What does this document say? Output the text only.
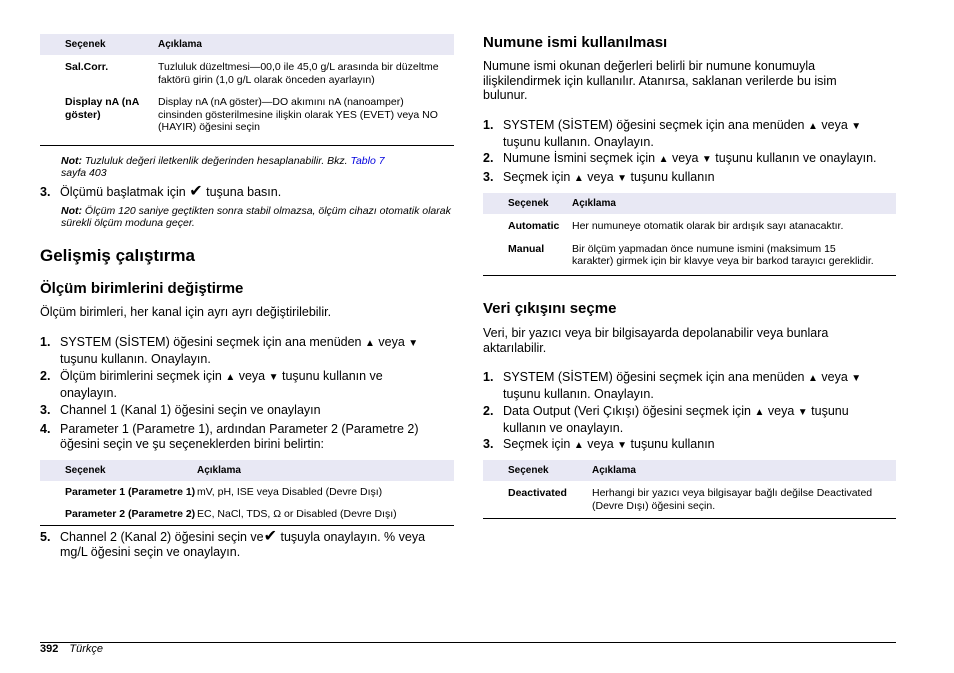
Seçenek	Açıklama
Sal.Corr.	Tuzluluk düzeltmesi—00,0 ile 45,0 g/L arasında bir düzeltme faktörü girin (1,0 g/L olarak önceden ayarlayın)
Display nA (nA göster)	Display nA (nA göster)—DO akımını nA (nanoamper) cinsinden gösterilmesine ilişkin olarak YES (EVET) veya NO (HAYIR) öğesini seçin
Not: Tuzluluk değeri iletkenlik değerinden hesaplanabilir. Bkz. Tablo 7
sayfa 403
3. Ölçümü başlatmak için ✔ tuşuna basın.
Not: Ölçüm 120 saniye geçtikten sonra stabil olmazsa, ölçüm cihazı otomatik olarak sürekli ölçüm moduna geçer.
Gelişmiş çalıştırma
Ölçüm birimlerini değiştirme
Ölçüm birimleri, her kanal için ayrı ayrı değiştirilebilir.
1. SYSTEM (SİSTEM) öğesini seçmek için ana menüden ▲ veya ▼ tuşunu kullanın. Onaylayın.
2. Ölçüm birimlerini seçmek için ▲ veya ▼ tuşunu kullanın ve onaylayın.
3. Channel 1 (Kanal 1) öğesini seçin ve onaylayın
4. Parameter 1 (Parametre 1), ardından Parameter 2 (Parametre 2) öğesini seçin ve şu seçeneklerden birini belirtin:
Seçenek	Açıklama
Parameter 1 (Parametre 1)	mV, pH, ISE veya Disabled (Devre Dışı)
Parameter 2 (Parametre 2)	EC, NaCl, TDS, Ω or Disabled (Devre Dışı)
5. Channel 2 (Kanal 2) öğesini seçin ve✔ tuşuyla onaylayın. % veya mg/L öğesini seçin ve onaylayın.
Numune ismi kullanılması
Numune ismi okunan değerleri belirli bir numune konumuyla ilişkilendirmek için kullanılır. Atanırsa, saklanan verilerde bu isim bulunur.
1. SYSTEM (SİSTEM) öğesini seçmek için ana menüden ▲ veya ▼ tuşunu kullanın. Onaylayın.
2. Numune İsmini seçmek için ▲ veya ▼ tuşunu kullanın ve onaylayın.
3. Seçmek için ▲ veya ▼ tuşunu kullanın
Seçenek	Açıklama
Automatic	Her numuneye otomatik olarak bir ardışık sayı atanacaktır.
Manual	Bir ölçüm yapmadan önce numune ismini (maksimum 15 karakter) girmek için bir klavye veya bir barkod tarayıcı gereklidir.
Veri çıkışını seçme
Veri, bir yazıcı veya bir bilgisayarda depolanabilir veya bunlara aktarılabilir.
1. SYSTEM (SİSTEM) öğesini seçmek için ana menüden ▲ veya ▼ tuşunu kullanın. Onaylayın.
2. Data Output (Veri Çıkışı) öğesini seçmek için ▲ veya ▼ tuşunu kullanın ve onaylayın.
3. Seçmek için ▲ veya ▼ tuşunu kullanın
Seçenek	Açıklama
Deactivated	Herhangi bir yazıcı veya bilgisayar bağlı değilse Deactivated (Devre Dışı) öğesini seçin.
392 Türkçe
